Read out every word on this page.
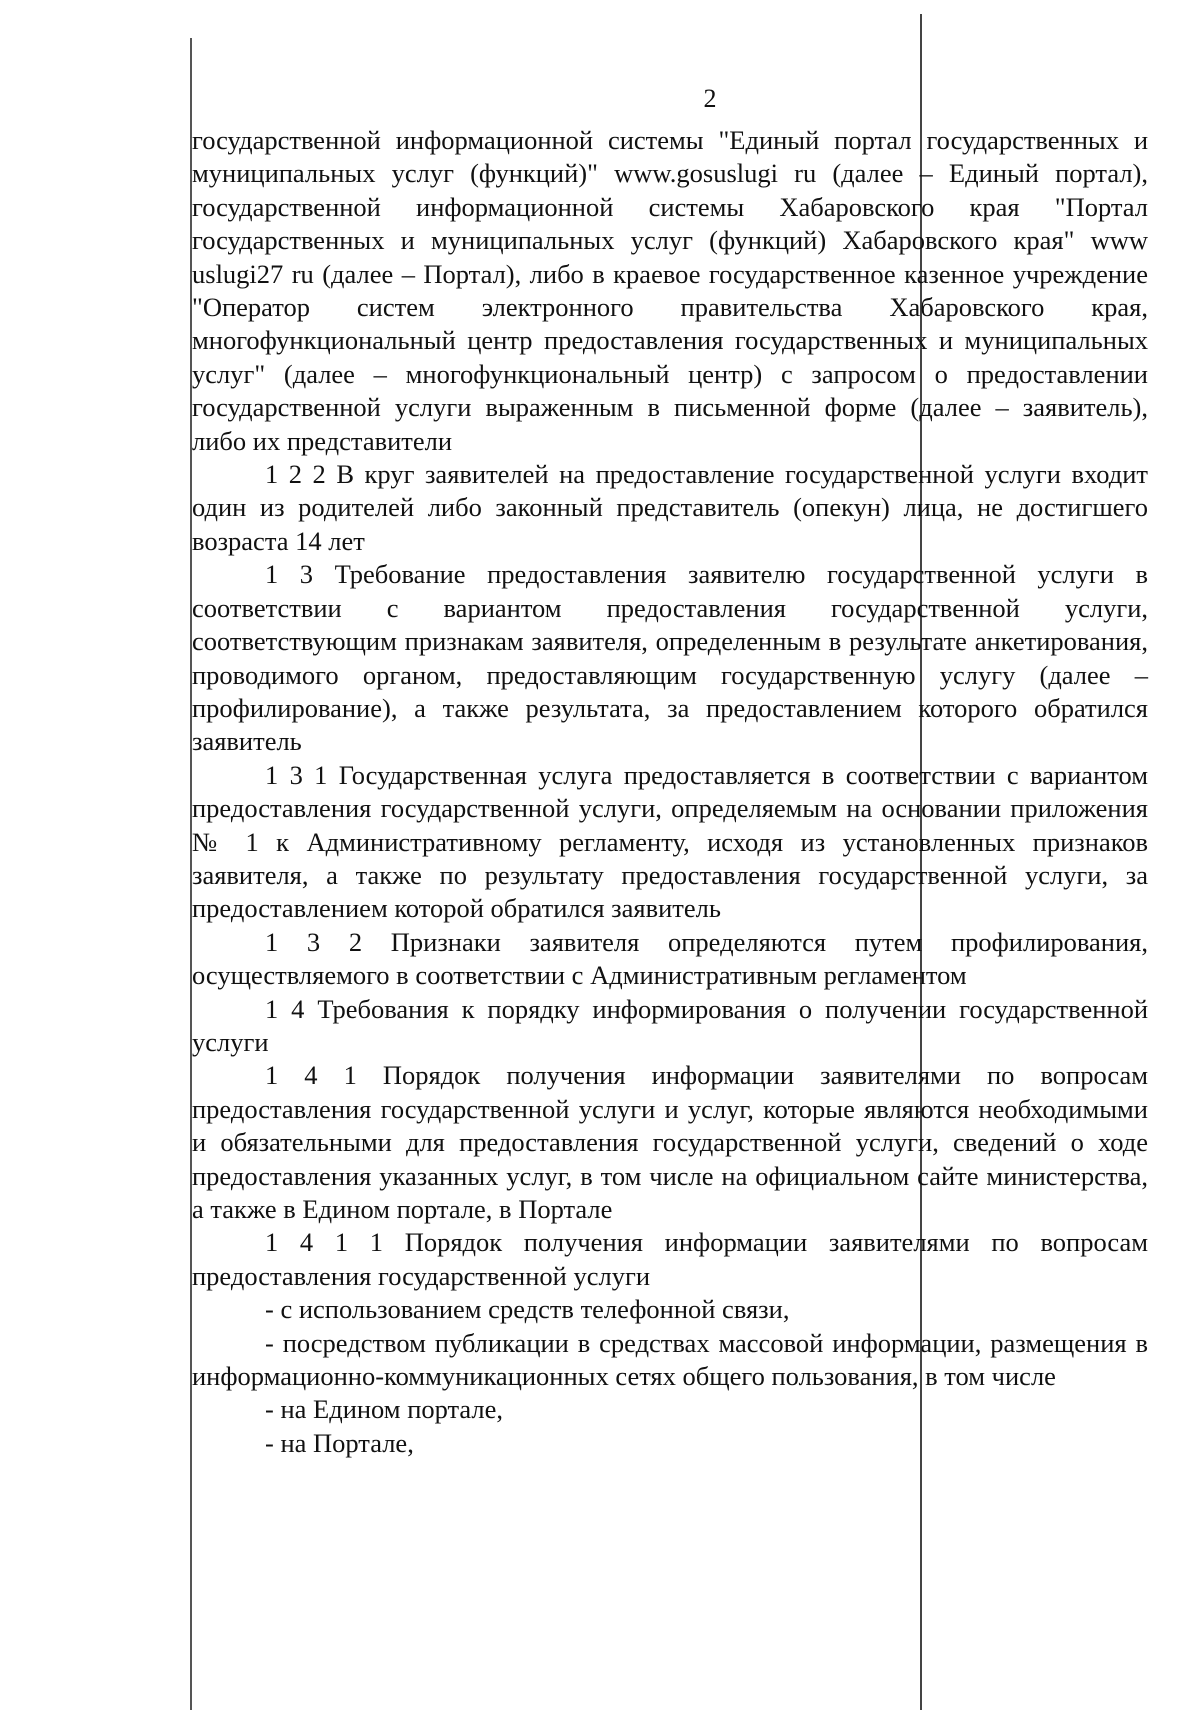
2

государственной информационной системы "Единый портал государственных и муниципальных услуг (функций)" www.gosuslugi ru (далее – Единый портал), государственной информационной системы Хабаровского края "Портал государственных и муниципальных услуг (функций) Хабаровского края" www uslugi27 ru (далее – Портал), либо в краевое государственное казенное учреждение "Оператор систем электронного правительства Хабаровского края, многофункциональный центр предоставления государственных и муниципальных услуг" (далее – многофункциональный центр) с запросом о предоставлении государственной услуги выраженным в письменной форме (далее – заявитель), либо их представители

1 2 2 В круг заявителей на предоставление государственной услуги входит один из родителей либо законный представитель (опекун) лица, не достигшего возраста 14 лет

1 3 Требование предоставления заявителю государственной услуги в соответствии с вариантом предоставления государственной услуги, соответствующим признакам заявителя, определенным в результате анкетирования, проводимого органом, предоставляющим государственную услугу (далее – профилирование), а также результата, за предоставлением которого обратился заявитель

1 3 1 Государственная услуга предоставляется в соответствии с вариантом предоставления государственной услуги, определяемым на основании приложения № 1 к Административному регламенту, исходя из установленных признаков заявителя, а также по результату предоставления государственной услуги, за предоставлением которой обратился заявитель

1 3 2 Признаки заявителя определяются путем профилирования, осуществляемого в соответствии с Административным регламентом

1 4 Требования к порядку информирования о получении государственной услуги

1 4 1 Порядок получения информации заявителями по вопросам предоставления государственной услуги и услуг, которые являются необходимыми и обязательными для предоставления государственной услуги, сведений о ходе предоставления указанных услуг, в том числе на официальном сайте министерства, а также в Едином портале, в Портале

1 4 1 1 Порядок получения информации заявителями по вопросам предоставления государственной услуги

- с использованием средств телефонной связи,

- посредством публикации в средствах массовой информации, размещения в информационно-коммуникационных сетях общего пользования, в том числе

- на Едином портале,

- на Портале,
